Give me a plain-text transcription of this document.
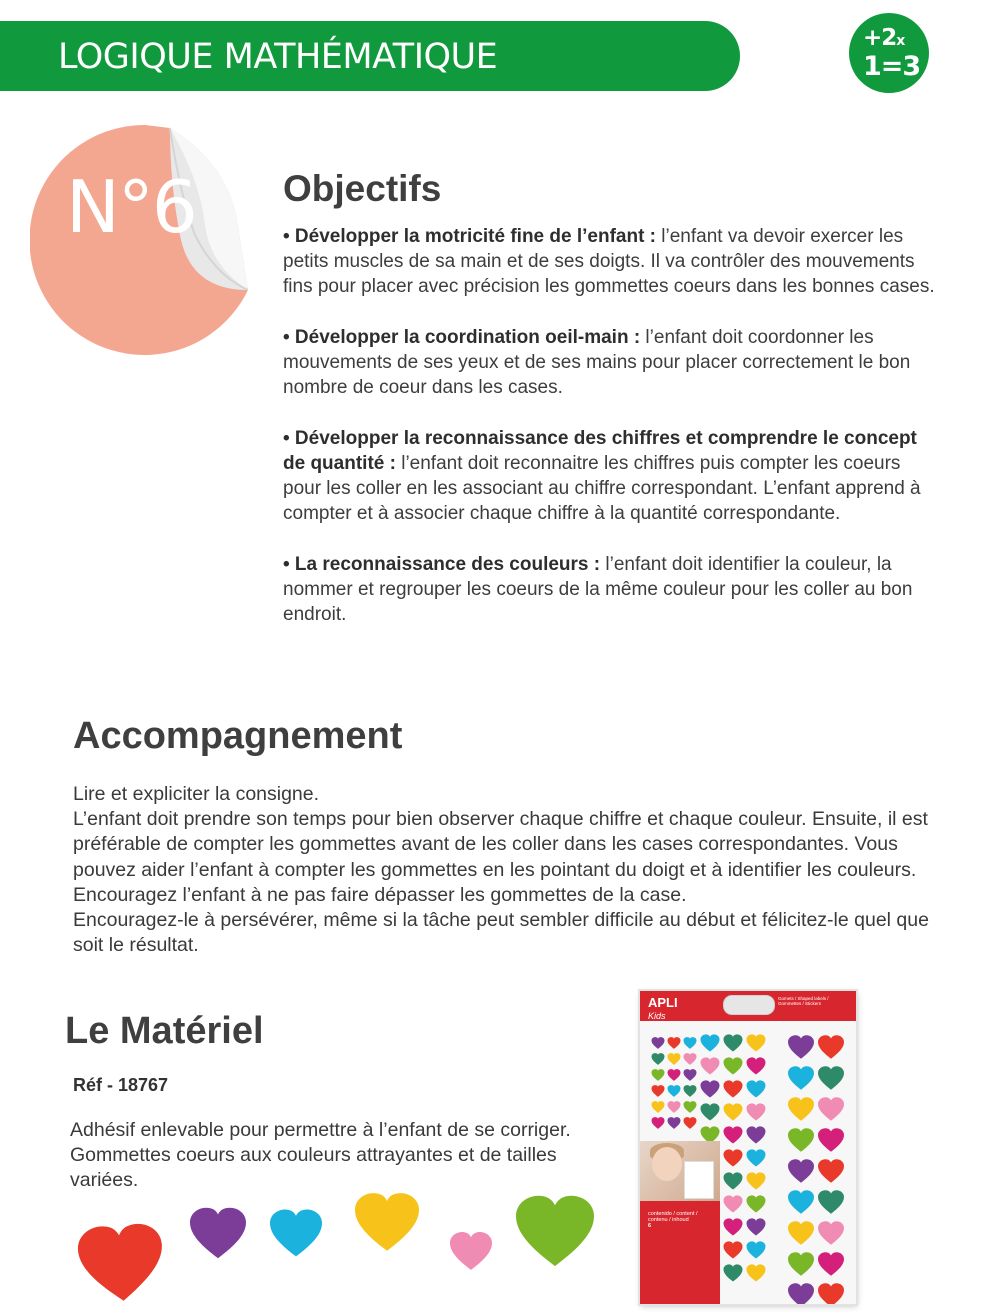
LOGIQUE MATHÉMATIQUE	+2x
1=3
N°6 Objectifs

• Développer la motricité fine de l’enfant : l’enfant va devoir exercer les petits muscles de sa main et de ses doigts. Il va contrôler des mouvements fins pour placer avec précision les gommettes coeurs dans les bonnes cases.

• Développer la coordination oeil-main : l’enfant doit coordonner les mouvements de ses yeux et de ses mains pour placer correctement le bon nombre de coeur dans les cases.

• Développer la reconnaissance des chiffres et comprendre le concept de quantité : l’enfant doit reconnaitre les chiffres puis compter les coeurs pour les coller en les associant au chiffre correspondant. L’enfant apprend à compter et à associer chaque chiffre à la quantité correspondante.

• La reconnaissance des couleurs : l’enfant doit identifier la couleur, la nommer et regrouper les coeurs de la même couleur pour les coller au bon endroit.

Accompagnement

Lire et expliciter la consigne.

L’enfant doit prendre son temps pour bien observer chaque chiffre et chaque couleur. Ensuite, il est préférable de compter les gommettes avant de les coller dans les cases correspondantes. Vous pouvez aider l’enfant à compter les gommettes en les pointant du doigt et à identifier les couleurs. Encouragez l’enfant à ne pas faire dépasser les gommettes de la case.

Encouragez-le à persévérer, même si la tâche peut sembler difficile au début et félicitez-le quel que soit le résultat.

Le Matériel
Réf - 18767
Adhésif enlevable pour permettre à l’enfant de se corriger. Gommettes coeurs aux couleurs attrayantes et de tailles variées.
APLI
Kids
Gomets / Shaped labels / Gommettes / Stickers
contenido / content / contenu / inhoud
6
